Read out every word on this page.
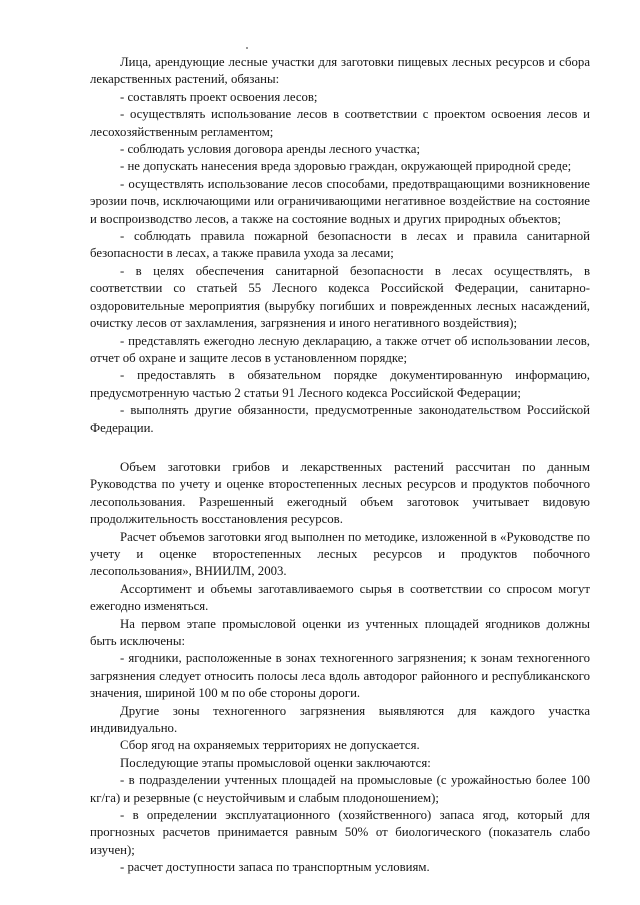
Лица, арендующие лесные участки для заготовки пищевых лесных ресурсов и сбора лекарственных растений, обязаны:

- составлять проект освоения лесов;

- осуществлять использование лесов в соответствии с проектом освоения лесов и лесохозяйственным регламентом;

- соблюдать условия договора аренды лесного участка;

- не допускать нанесения вреда здоровью граждан, окружающей природной среде;

- осуществлять использование лесов способами, предотвращающими возникновение эрозии почв, исключающими или ограничивающими негативное воздействие на состояние и воспроизводство лесов, а также на состояние водных и других природных объектов;

- соблюдать правила пожарной безопасности в лесах и правила санитарной безопасности в лесах, а также правила ухода за лесами;

- в целях обеспечения санитарной безопасности в лесах осуществлять, в соответствии со статьей 55 Лесного кодекса Российской Федерации, санитарно-оздоровительные мероприятия (вырубку погибших и поврежденных лесных насаждений, очистку лесов от захламления, загрязнения и иного негативного воздействия);

- представлять ежегодно лесную декларацию, а также отчет об использовании лесов, отчет об охране и защите лесов в установленном порядке;

- предоставлять в обязательном порядке документированную информацию, предусмотренную частью 2 статьи 91 Лесного кодекса Российской Федерации;

- выполнять другие обязанности, предусмотренные законодательством Российской Федерации.

Объем заготовки грибов и лекарственных растений рассчитан по данным Руководства по учету и оценке второстепенных лесных ресурсов и продуктов побочного лесопользования. Разрешенный ежегодный объем заготовок учитывает видовую продолжительность восстановления ресурсов.

Расчет объемов заготовки ягод выполнен по методике, изложенной в «Руководстве по учету и оценке второстепенных лесных ресурсов и продуктов побочного лесопользования», ВНИИЛМ, 2003.

Ассортимент и объемы заготавливаемого сырья в соответствии со спросом могут ежегодно изменяться.

На первом этапе промысловой оценки из учтенных площадей ягодников должны быть исключены:

- ягодники, расположенные в зонах техногенного загрязнения; к зонам техногенного загрязнения следует относить полосы леса вдоль автодорог районного и республиканского значения, шириной 100 м по обе стороны дороги.

Другие зоны техногенного загрязнения выявляются для каждого участка индивидуально.

Сбор ягод на охраняемых территориях не допускается.

Последующие этапы промысловой оценки заключаются:

- в подразделении учтенных площадей на промысловые (с урожайностью более 100 кг/га) и резервные (с неустойчивым и слабым плодоношением);

- в определении эксплуатационного (хозяйственного) запаса ягод, который для прогнозных расчетов принимается равным 50% от биологического (показатель слабо изучен);

- расчет доступности запаса по транспортным условиям.
